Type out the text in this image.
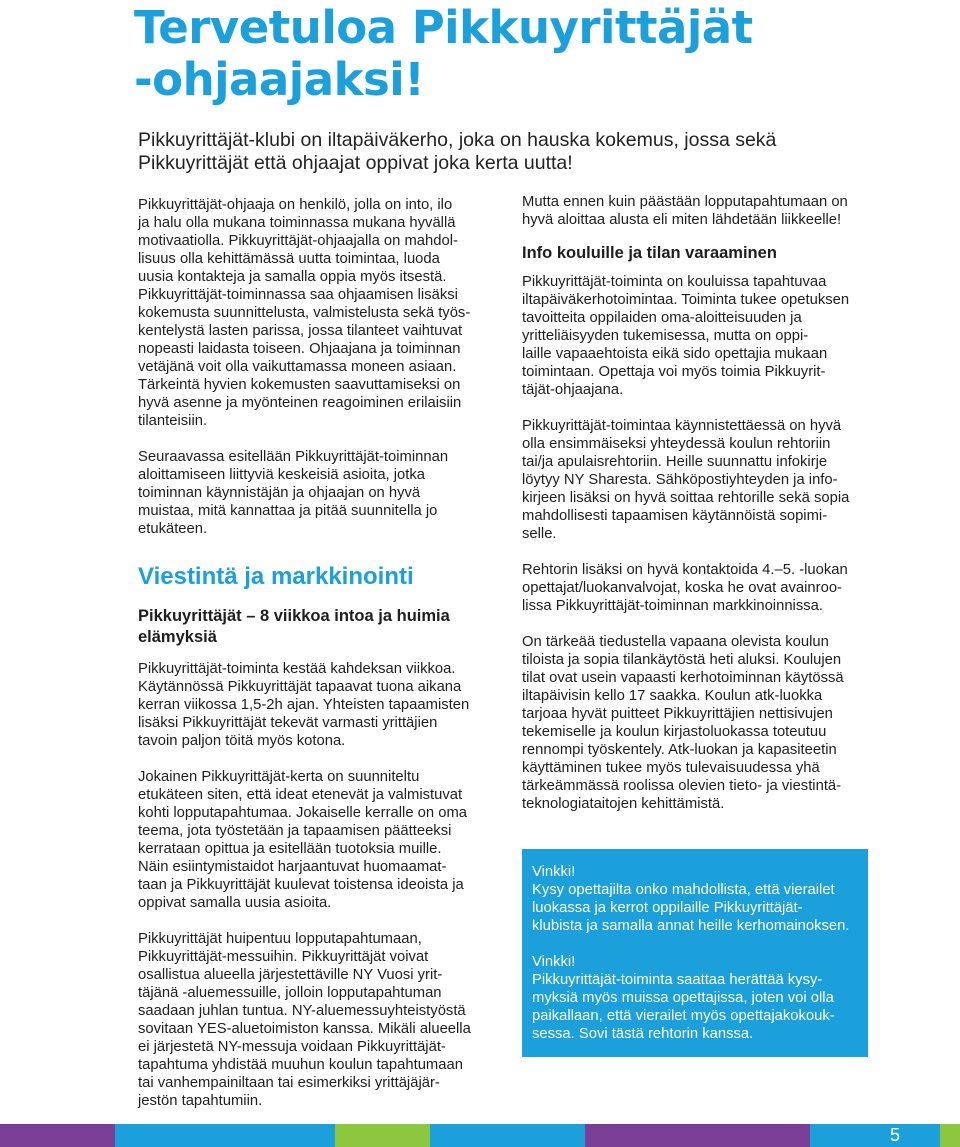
Tervetuloa Pikkuyrittäjät
-ohjaajaksi!

Pikkuyrittäjät-klubi on iltapäiväkerho, joka on hauska kokemus, jossa sekä
Pikkuyrittäjät että ohjaajat oppivat joka kerta uutta!

Pikkuyrittäjät-ohjaaja on henkilö, jolla on into, ilo
ja halu olla mukana toiminnassa mukana hyvällä
motivaatiolla. Pikkuyrittäjät-ohjaajalla on mahdol-
lisuus olla kehittämässä uutta toimintaa, luoda
uusia kontakteja ja samalla oppia myös itsestä.
Pikkuyrittäjät-toiminnassa saa ohjaamisen lisäksi
kokemusta suunnittelusta, valmistelusta sekä työs-
kentelystä lasten parissa, jossa tilanteet vaihtuvat
nopeasti laidasta toiseen. Ohjaajana ja toiminnan
vetäjänä voit olla vaikuttamassa moneen asiaan.
Tärkeintä hyvien kokemusten saavuttamiseksi on
hyvä asenne ja myönteinen reagoiminen erilaisiin
tilanteisiin.

Seuraavassa esitellään Pikkuyrittäjät-toiminnan
aloittamiseen liittyviä keskeisiä asioita, jotka
toiminnan käynnistäjän ja ohjaajan on hyvä
muistaa, mitä kannattaa ja pitää suunnitella jo
etukäteen.

Viestintä ja markkinointi
Pikkuyrittäjät – 8 viikkoa intoa ja huimia
elämyksiä

Pikkuyrittäjät-toiminta kestää kahdeksan viikkoa.
Käytännössä Pikkuyrittäjät tapaavat tuona aikana
kerran viikossa 1,5-2h ajan. Yhteisten tapaamisten
lisäksi Pikkuyrittäjät tekevät varmasti yrittäjien
tavoin paljon töitä myös kotona.

Jokainen Pikkuyrittäjät-kerta on suunniteltu
etukäteen siten, että ideat etenevät ja valmistuvat
kohti lopputapahtumaa. Jokaiselle kerralle on oma
teema, jota työstetään ja tapaamisen päätteeksi
kerrataan opittua ja esitellään tuotoksia muille.
Näin esiintymistaidot harjaantuvat huomaamat-
taan ja Pikkuyrittäjät kuulevat toistensa ideoista ja
oppivat samalla uusia asioita.

Pikkuyrittäjät huipentuu lopputapahtumaan,
Pikkuyrittäjät-messuihin. Pikkuyrittäjät voivat
osallistua alueella järjestettäville NY Vuosi yrit-
täjänä -aluemessuille, jolloin lopputapahtuman
saadaan juhlan tuntua. NY-aluemessuyhteistyöstä
sovitaan YES-aluetoimiston kanssa. Mikäli alueella
ei järjestetä NY-messuja voidaan Pikkuyrittäjät-
tapahtuma yhdistää muuhun koulun tapahtumaan
tai vanhempainiltaan tai esimerkiksi yrittäjäjär-
jestön tapahtumiin.

Mutta ennen kuin päästään lopputapahtumaan on
hyvä aloittaa alusta eli miten lähdetään liikkeelle!

Info kouluille ja tilan varaaminen

Pikkuyrittäjät-toiminta on kouluissa tapahtuvaa
iltapäiväkerhotoimintaa. Toiminta tukee opetuksen
tavoitteita oppilaiden oma-aloitteisuuden ja
yritteliäisyyden tukemisessa, mutta on oppi-
laille vapaaehtoista eikä sido opettajia mukaan
toimintaan. Opettaja voi myös toimia Pikkuyrit-
täjät-ohjaajana.

Pikkuyrittäjät-toimintaa käynnistettäessä on hyvä
olla ensimmäiseksi yhteydessä koulun rehtoriin
tai/ja apulaisrehtoriin. Heille suunnattu infokirje
löytyy NY Sharesta. Sähköpostiyhteyden ja info-
kirjeen lisäksi on hyvä soittaa rehtorille sekä sopia
mahdollisesti tapaamisen käytännöistä sopimi-
selle.

Rehtorin lisäksi on hyvä kontaktoida 4.–5. -luokan
opettajat/luokanvalvojat, koska he ovat avainroo-
lissa Pikkuyrittäjät-toiminnan markkinoinnissa.

On tärkeää tiedustella vapaana olevista koulun
tiloista ja sopia tilankäytöstä heti aluksi. Koulujen
tilat ovat usein vapaasti kerhotoiminnan käytössä
iltapäivisin kello 17 saakka. Koulun atk-luokka
tarjoaa hyvät puitteet Pikkuyrittäjien nettisivujen
tekemiselle ja koulun kirjastoluokassa toteutuu
rennompi työskentely. Atk-luokan ja kapasiteetin
käyttäminen tukee myös tulevaisuudessa yhä
tärkeämmässä roolissa olevien tieto- ja viestintä-
teknologiataitojen kehittämistä.

Vinkki!
Kysy opettajilta onko mahdollista, että vierailet
luokassa ja kerrot oppilaille Pikkuyrittäjät-
klubista ja samalla annat heille kerhomainoksen.

Vinkki!
Pikkuyrittäjät-toiminta saattaa herättää kysy-
myksiä myös muissa opettajissa, joten voi olla
paikallaan, että vierailet myös opettajakokouk-
sessa. Sovi tästä rehtorin kanssa.

5
